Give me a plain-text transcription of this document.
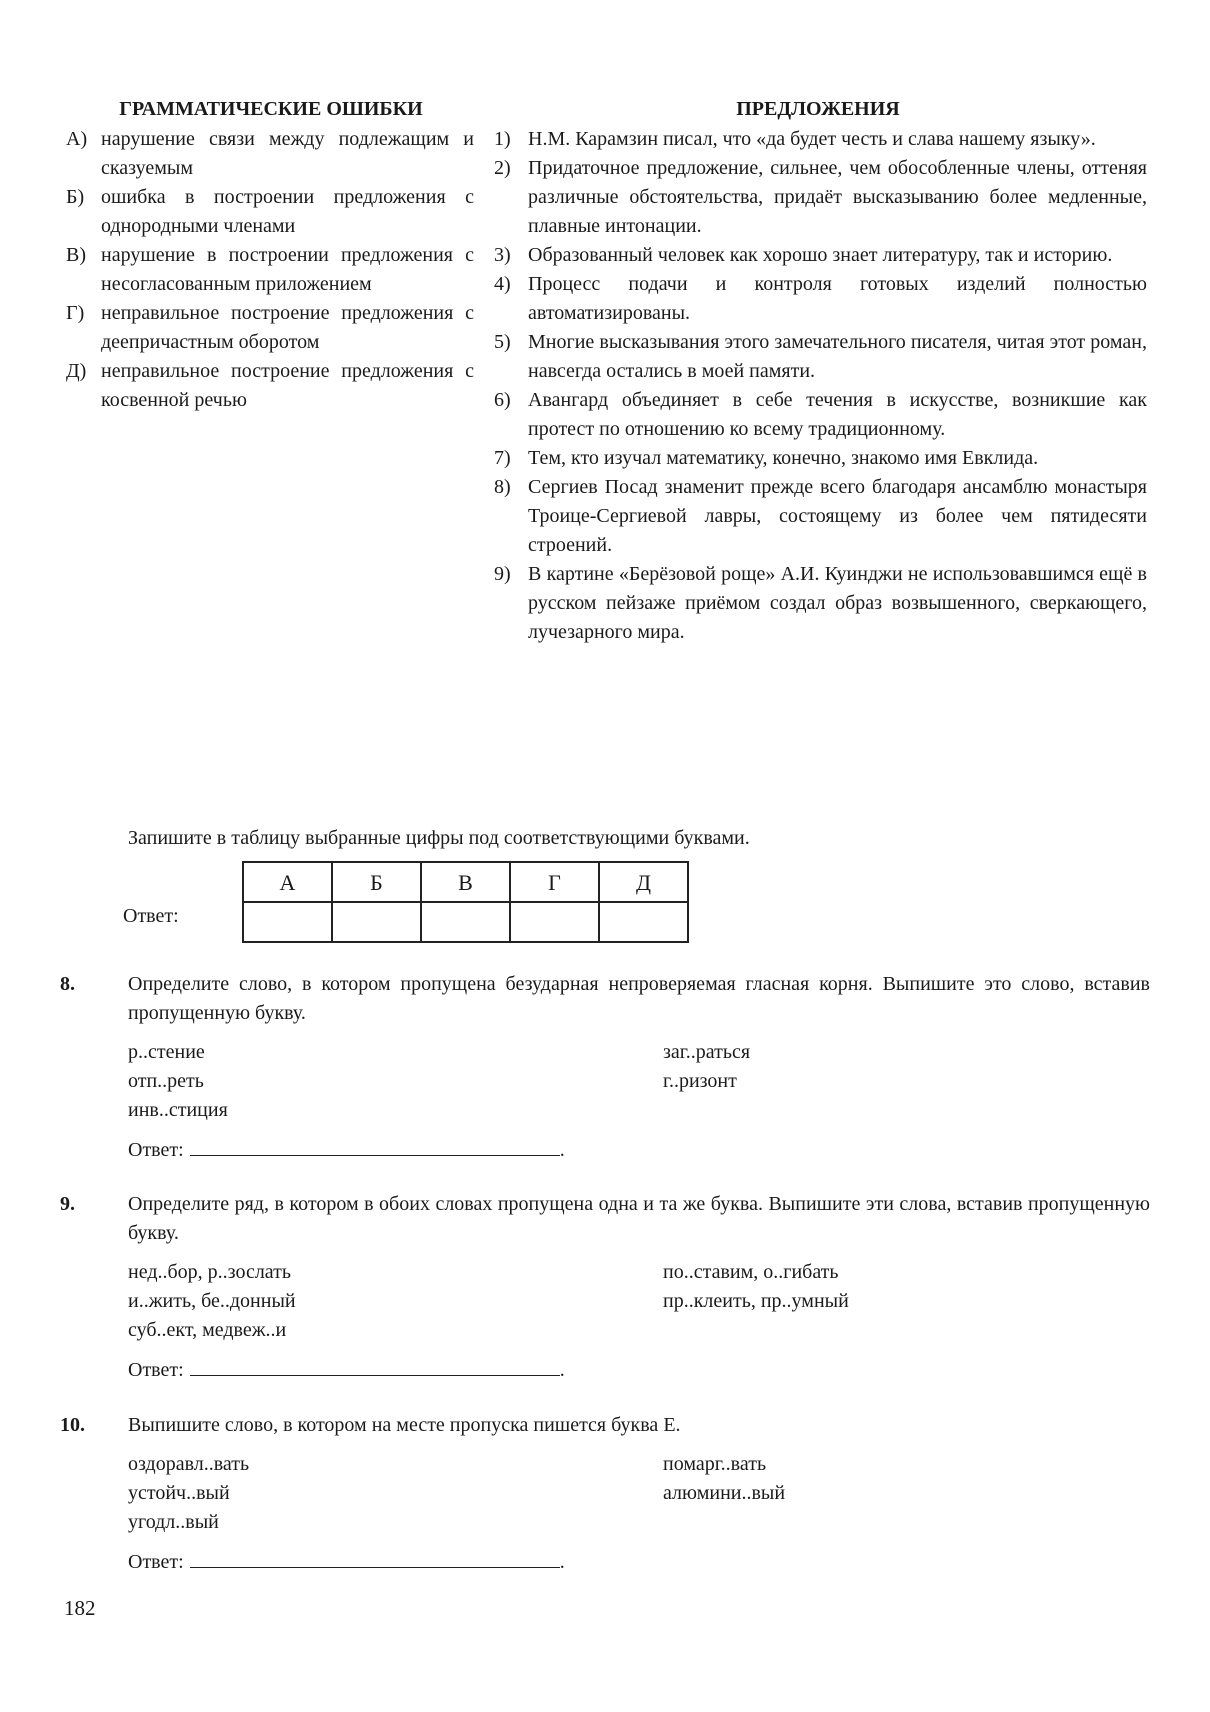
ГРАММАТИЧЕСКИЕ ОШИБКИ	ПРЕДЛОЖЕНИЯ
А) нарушение связи между подлежащим и сказуемым
Б) ошибка в построении предложения с однородными членами
В) нарушение в построении предложения с несогласованным приложением
Г) неправильное построение предложения с деепричастным оборотом
Д) неправильное построение предложения с косвенной речью
1) Н.М. Карамзин писал, что «да будет честь и слава нашему языку».
2) Придаточное предложение, сильнее, чем обособленные члены, оттеняя различные обстоятельства, придаёт высказыванию более медленные, плавные интонации.
3) Образованный человек как хорошо знает литературу, так и историю.
4) Процесс подачи и контроля готовых изделий полностью автоматизированы.
5) Многие высказывания этого замечательного писателя, читая этот роман, навсегда остались в моей памяти.
6) Авангард объединяет в себе течения в искусстве, возникшие как протест по отношению ко всему традиционному.
7) Тем, кто изучал математику, конечно, знакомо имя Евклида.
8) Сергиев Посад знаменит прежде всего благодаря ансамблю монастыря Троице-Сергиевой лавры, состоящему из более чем пятидесяти строений.
9) В картине «Берёзовой роще» А.И. Куинджи не использовавшимся ещё в русском пейзаже приёмом создал образ возвышенного, сверкающего, лучезарного мира.
Запишите в таблицу выбранные цифры под соответствующими буквами.
Ответ:
А	Б	В	Г	Д

8.	Определите слово, в котором пропущена безударная непроверяемая гласная корня. Выпишите это слово, вставив пропущенную букву.
р..стение
отп..реть
инв..стиция
заг..раться
г..ризонт
Ответ:	.
9.	Определите ряд, в котором в обоих словах пропущена одна и та же буква. Выпишите эти слова, вставив пропущенную букву.
нед..бор, р..зослать
и..жить, бе..донный
суб..ект, медвеж..и
по..ставим, о..гибать
пр..клеить, пр..умный
Ответ:	.
10.	Выпишите слово, в котором на месте пропуска пишется буква Е.
оздоравл..вать
устойч..вый
угодл..вый
помарг..вать
алюмини..вый
Ответ:	.
182
